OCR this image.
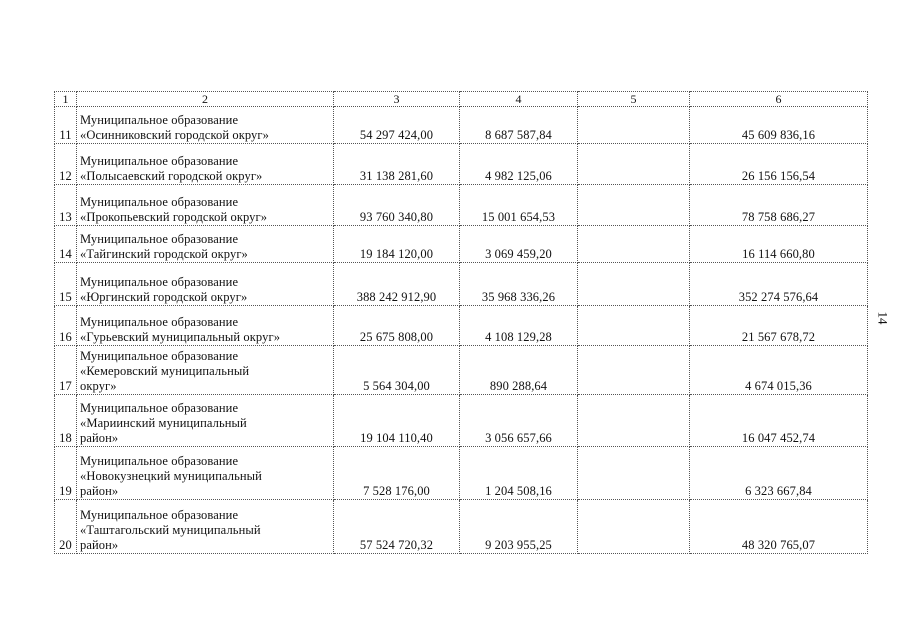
1	2	3	4	5	6
11	Муниципальное образование
«Осинниковский городской округ»	54 297 424,00	8 687 587,84		45 609 836,16
12	Муниципальное образование
«Полысаевский городской округ»	31 138 281,60	4 982 125,06		26 156 156,54
13	Муниципальное образование
«Прокопьевский городской округ»	93 760 340,80	15 001 654,53		78 758 686,27
14	Муниципальное образование
«Тайгинский городской округ»	19 184 120,00	3 069 459,20		16 114 660,80
15	Муниципальное образование
«Юргинский городской округ»	388 242 912,90	35 968 336,26		352 274 576,64
16	Муниципальное образование
«Гурьевский муниципальный округ»	25 675 808,00	4 108 129,28		21 567 678,72
17	Муниципальное образование
«Кемеровский муниципальный
округ»	5 564 304,00	890 288,64		4 674 015,36
18	Муниципальное образование
«Мариинский муниципальный
район»	19 104 110,40	3 056 657,66		16 047 452,74
19	Муниципальное образование
«Новокузнецкий муниципальный
район»	7 528 176,00	1 204 508,16		6 323 667,84
20	Муниципальное образование
«Таштагольский муниципальный
район»	57 524 720,32	9 203 955,25		48 320 765,07
14
